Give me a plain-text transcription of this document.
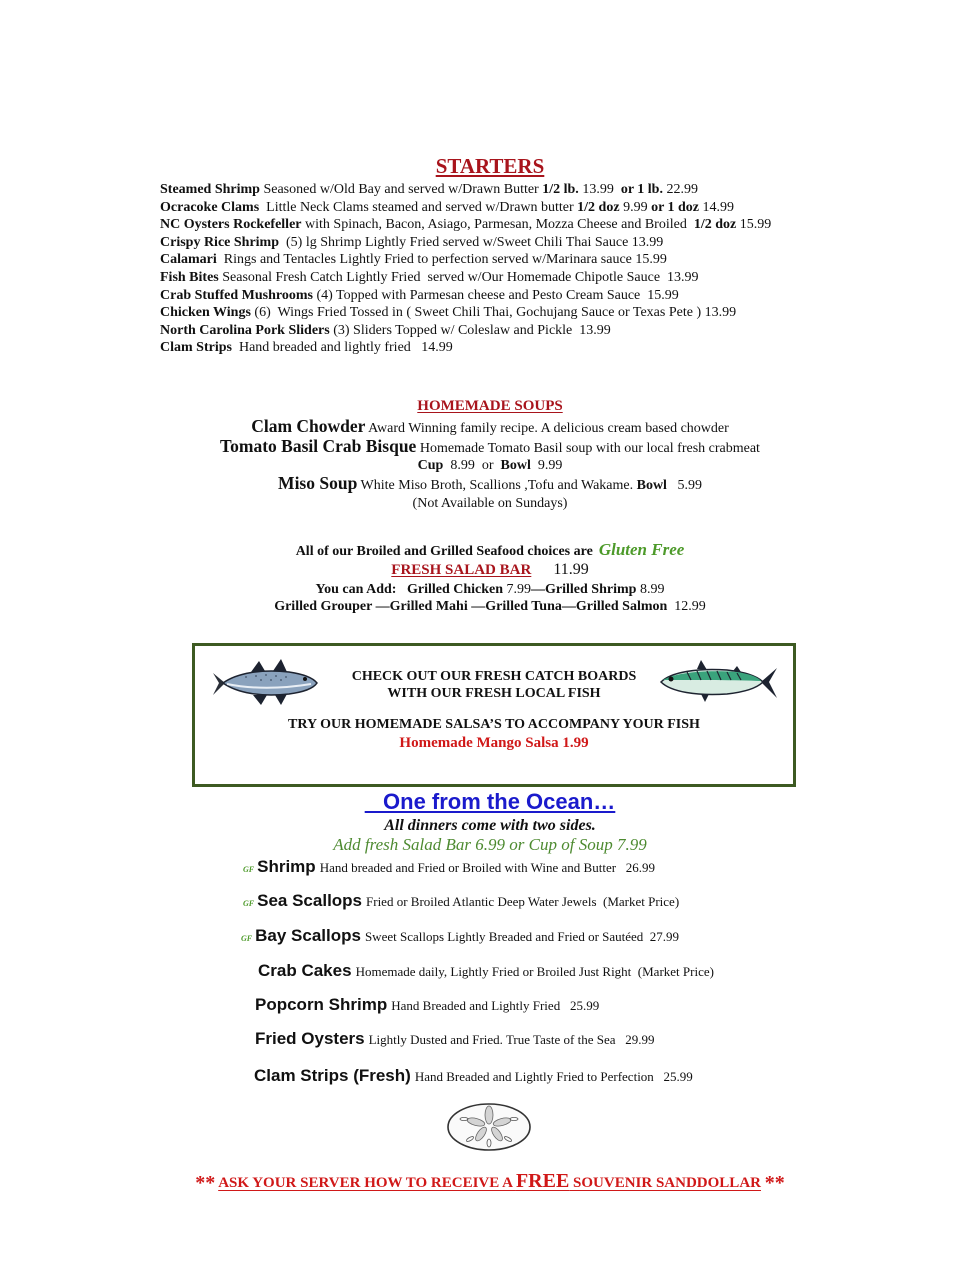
STARTERS
Steamed Shrimp Seasoned w/Old Bay and served w/Drawn Butter 1/2 lb. 13.99  or 1 lb. 22.99
Ocracoke Clams  Little Neck Clams steamed and served w/Drawn butter 1/2 doz 9.99 or 1 doz 14.99
NC Oysters Rockefeller with Spinach, Bacon, Asiago, Parmesan, Mozza Cheese and Broiled  1/2 doz 15.99
Crispy Rice Shrimp  (5) lg Shrimp Lightly Fried served w/Sweet Chili Thai Sauce 13.99
Calamari  Rings and Tentacles Lightly Fried to perfection served w/Marinara sauce 15.99
Fish Bites Seasonal Fresh Catch Lightly Fried  served w/Our Homemade Chipotle Sauce  13.99
Crab Stuffed Mushrooms (4) Topped with Parmesan cheese and Pesto Cream Sauce  15.99
Chicken Wings (6)  Wings Fried Tossed in ( Sweet Chili Thai, Gochujang Sauce or Texas Pete ) 13.99
North Carolina Pork Sliders (3) Sliders Topped w/ Coleslaw and Pickle  13.99
Clam Strips  Hand breaded and lightly fried   14.99
HOMEMADE SOUPS
Clam Chowder Award Winning family recipe. A delicious cream based chowder
Tomato Basil Crab Bisque Homemade Tomato Basil soup with our local fresh crabmeat
Cup  8.99  or  Bowl  9.99
Miso Soup White Miso Broth, Scallions ,Tofu and Wakame. Bowl   5.99
(Not Available on Sundays)
All of our Broiled and Grilled Seafood choices are Gluten Free
FRESH SALAD BAR 11.99
You can Add:   Grilled Chicken 7.99—Grilled Shrimp 8.99
Grilled Grouper —Grilled Mahi —Grilled Tuna—Grilled Salmon  12.99
CHECK OUT OUR FRESH CATCH BOARDS
WITH OUR FRESH LOCAL FISH
TRY OUR HOMEMADE SALSA’S TO ACCOMPANY YOUR FISH
Homemade Mango Salsa 1.99
One from the Ocean…
All dinners come with two sides.
Add fresh Salad Bar 6.99 or Cup of Soup 7.99
GF Shrimp Hand breaded and Fried or Broiled with Wine and Butter   26.99
GF Sea Scallops Fried or Broiled Atlantic Deep Water Jewels  (Market Price)
GF Bay Scallops Sweet Scallops Lightly Breaded and Fried or Sautéed  27.99
Crab Cakes Homemade daily, Lightly Fried or Broiled Just Right  (Market Price)
Popcorn Shrimp Hand Breaded and Lightly Fried   25.99
Fried Oysters Lightly Dusted and Fried. True Taste of the Sea   29.99
Clam Strips (Fresh) Hand Breaded and Lightly Fried to Perfection   25.99
** ASK YOUR SERVER HOW TO RECEIVE A FREE SOUVENIR SANDDOLLAR **
